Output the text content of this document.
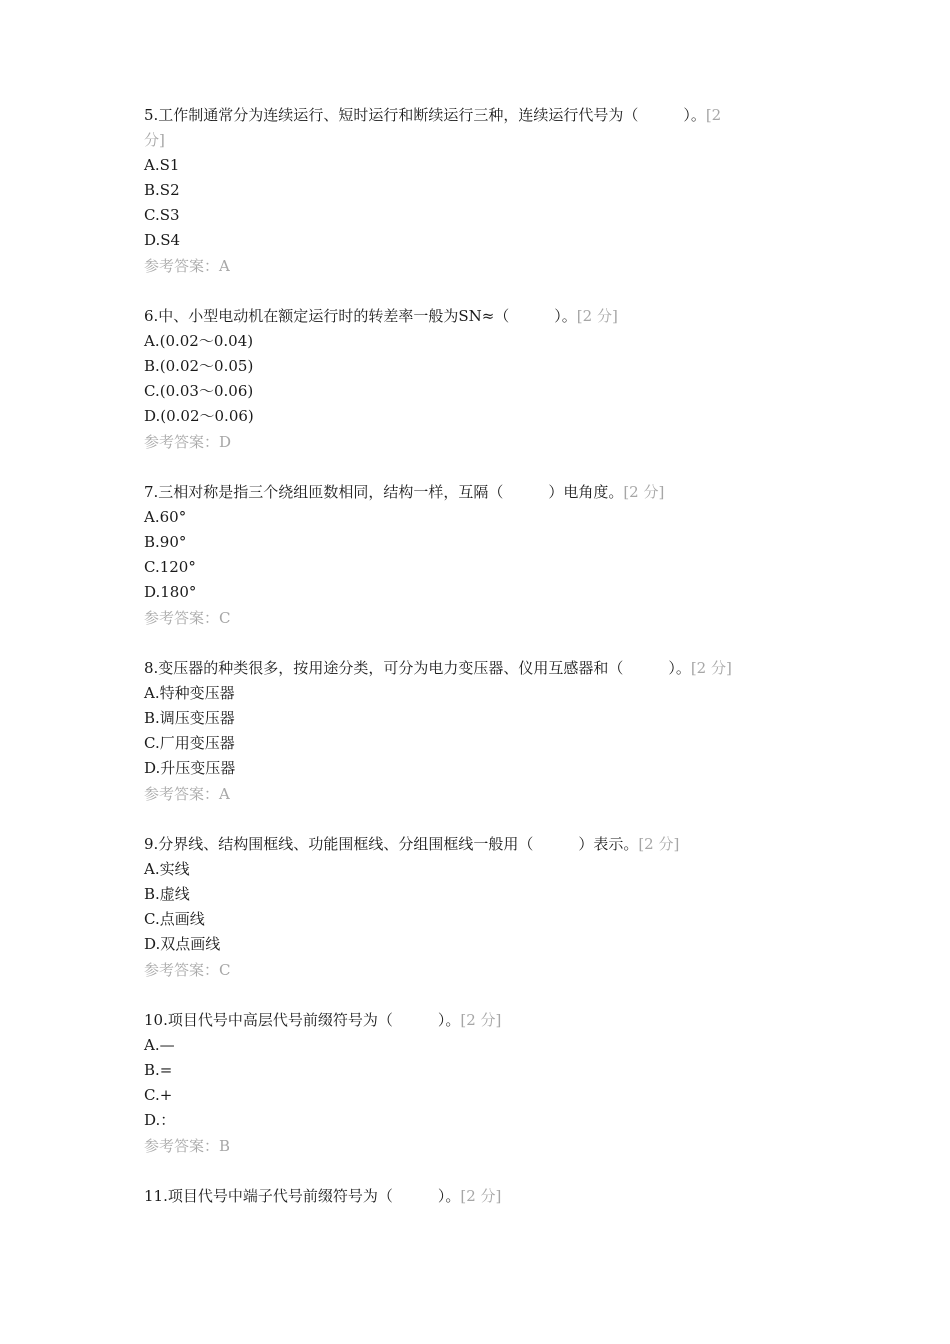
5.工作制通常分为连续运行、短时运行和断续运行三种，连续运行代号为（　　　）。[2
分]
A.S1
B.S2
C.S3
D.S4
参考答案：A
6.中、小型电动机在额定运行时的转差率一般为SN≈（　　　）。[2 分]
A.(0.02～0.04)
B.(0.02～0.05)
C.(0.03～0.06)
D.(0.02～0.06)
参考答案：D
7.三相对称是指三个绕组匝数相同，结构一样，互隔（　　　）电角度。[2 分]
A.60°
B.90°
C.120°
D.180°
参考答案：C
8.变压器的种类很多，按用途分类，可分为电力变压器、仪用互感器和（　　　）。[2 分]
A.特种变压器
B.调压变压器
C.厂用变压器
D.升压变压器
参考答案：A
9.分界线、结构围框线、功能围框线、分组围框线一般用（　　　）表示。[2 分]
A.实线
B.虚线
C.点画线
D.双点画线
参考答案：C
10.项目代号中高层代号前缀符号为（　　　）。[2 分]
A.—
B.=
C.+
D.：
参考答案：B
11.项目代号中端子代号前缀符号为（　　　）。[2 分]
